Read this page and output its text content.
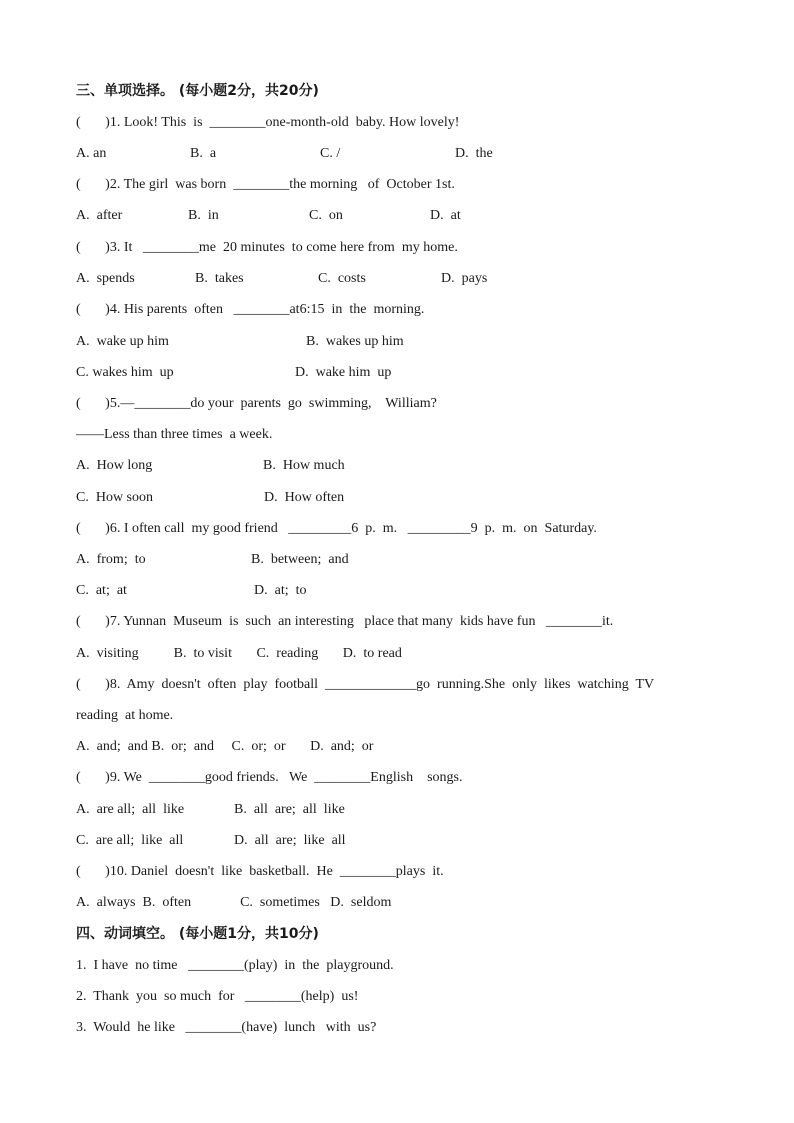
三、单项选择。 (每小题2分，共20分)
(       )1. Look! This  is  ________one-month-old  baby. How lovely!
A. an	B.  a	C. /	D.  the
(       )2. The girl  was born  ________the morning   of  October 1st.
A.  after	B.  in	C.  on	D.  at
(       )3. It   ________me  20 minutes  to come here from  my home.
A.  spends	B.  takes	C.  costs	D.  pays
(       )4. His parents  often   ________at6:15  in  the  morning.
A.  wake up him	B.  wakes up him
C. wakes him  up	D.  wake him  up
(       )5.—________do your  parents  go  swimming,    William?
——Less than three times  a week.
A.  How long	B.  How much
C.  How soon	D.  How often
(       )6. I often call  my good friend   _________6  p.  m.   _________9  p.  m.  on  Saturday.
A.  from;  to	B.  between;  and
C.  at;  at	D.  at;  to
(       )7. Yunnan  Museum  is  such  an interesting   place that many  kids have fun   ________it.
A.  visiting          B.  to visit       C.  reading       D.  to read
(       )8.  Amy  doesn't  often  play  football  _____________go  running.She  only  likes  watching  TV
reading  at home.
A.  and;  and B.  or;  and     C.  or;  or       D.  and;  or
(       )9. We  ________good friends.   We  ________English    songs.
A.  are all;  all  like	B.  all  are;  all  like
C.  are all;  like  all	D.  all  are;  like  all
(       )10. Daniel  doesn't  like  basketball.  He  ________plays  it.
A.  always  B.  often              C.  sometimes   D.  seldom
四、动词填空。 (每小题1分，共10分)
1.  I have  no time   ________(play)  in  the  playground.
2.  Thank  you  so much  for   ________(help)  us!
3.  Would  he like   ________(have)  lunch   with  us?
